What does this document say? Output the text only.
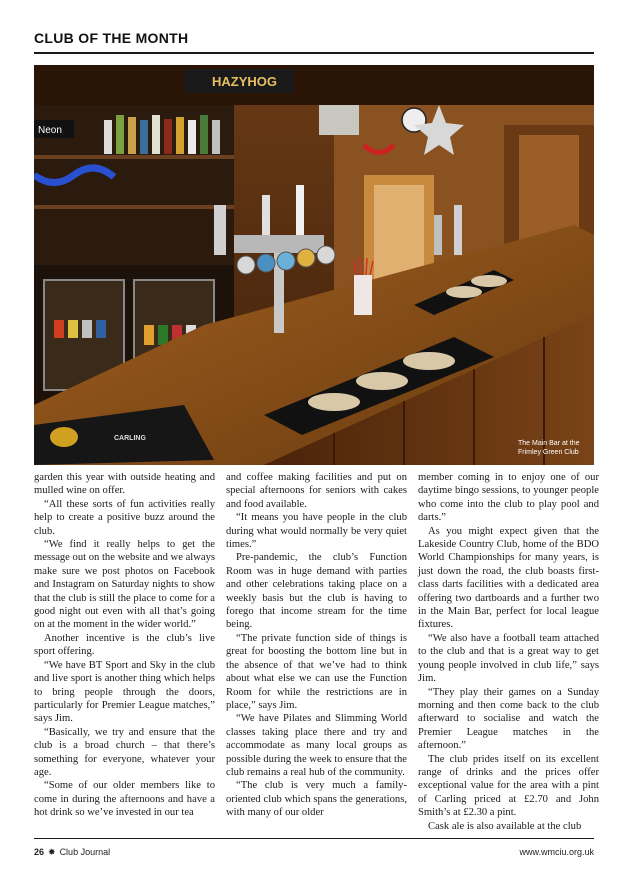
CLUB OF THE MONTH
Neon
HAZYHOG
CARLING
The Main Bar at the
Frimley Green Club

garden this year with outside heating and mulled wine on offer.

“All these sorts of fun activities really help to create a positive buzz around the club.

“We find it really helps to get the message out on the website and we always make sure we post photos on Facebook and Instagram on Saturday nights to show that the club is still the place to come for a good night out even with all that’s going on at the moment in the wider world.”

Another incentive is the club’s live sport offering.

“We have BT Sport and Sky in the club and live sport is another thing which helps to bring people through the doors, particularly for Premier League matches,” says Jim.

“Basically, we try and ensure that the club is a broad church – that there’s something for everyone, whatever your age.

“Some of our older members like to come in during the afternoons and have a hot drink so we’ve invested in our tea

and coffee making facilities and put on special afternoons for seniors with cakes and food available.

“It means you have people in the club during what would normally be very quiet times.”

Pre-pandemic, the club’s Function Room was in huge demand with parties and other celebrations taking place on a weekly basis but the club is having to forego that income stream for the time being.

“The private function side of things is great for boosting the bottom line but in the absence of that we’ve had to think about what else we can use the Function Room for while the restrictions are in place,” says Jim.

“We have Pilates and Slimming World classes taking place there and try and accommodate as many local groups as possible during the week to ensure that the club remains a real hub of the community.

“The club is very much a family-oriented club which spans the generations, with many of our older

member coming in to enjoy one of our daytime bingo sessions, to younger people who come into the club to play pool and darts.”

As you might expect given that the Lakeside Country Club, home of the BDO World Championships for many years, is just down the road, the club boasts first-class darts facilities with a dedicated area offering two dartboards and a further two in the Main Bar, perfect for local league fixtures.

“We also have a football team attached to the club and that is a great way to get young people involved in club life,” says Jim.

“They play their games on a Sunday morning and then come back to the club afterward to socialise and watch the Premier League matches in the afternoon.”

The club prides itself on its excellent range of drinks and the prices offer exceptional value for the area with a pint of Carling priced at £2.70 and John Smith’s at £2.30 a pint.

Cask ale is also available at the club

26 ✸ Club Journal	www.wmciu.org.uk
